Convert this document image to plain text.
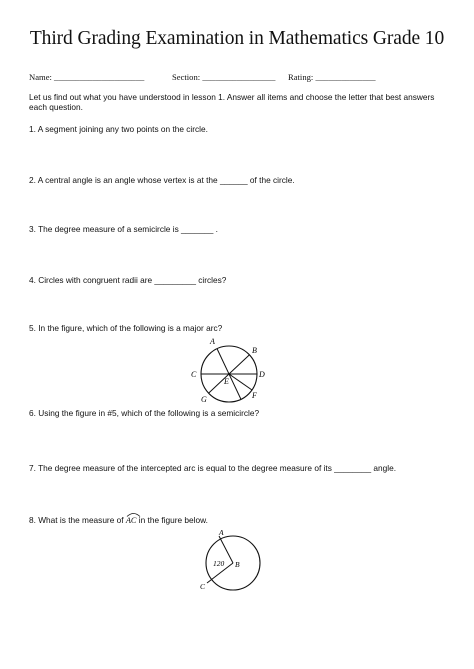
Third Grading Examination in Mathematics Grade 10
Name: _____________________	Section: _________________ Rating: ______________
Let us find out what you have understood in lesson 1. Answer all items and choose the letter that best answers each question.
1. A segment joining any two points on the circle.
2. A central angle is an angle whose vertex is at the ______ of the circle.
3. The degree measure of a semicircle is _______ .
4. Circles with congruent radii are _________ circles?
5. In the figure, which of the following is a major arc?
A
B
C	D
E
F
G
6. Using the figure in #5, which of the following is a semicircle?
7. The degree measure of the intercepted arc is equal to the degree measure of its ________ angle.
8. What is the measure of
AC in the figure below.
A
B
C
120
